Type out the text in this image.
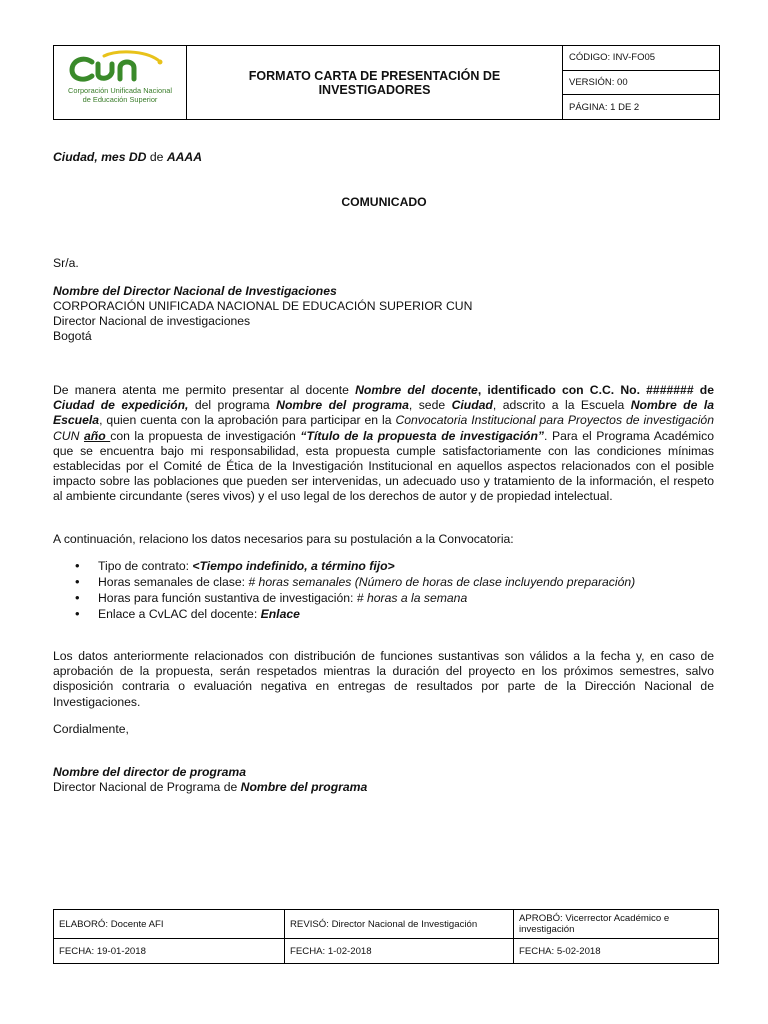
Corporación Unificada Nacional
de Educación Superior

FORMATO CARTA DE PRESENTACIÓN DE
INVESTIGADORES
	CÓDIGO: INV-FO05
VERSIÓN: 00
PÁGINA: 1 DE 2
Ciudad, mes DD de AAAA
COMUNICADO
Sr/a.
Nombre del Director Nacional de Investigaciones
CORPORACIÓN UNIFICADA NACIONAL DE EDUCACIÓN SUPERIOR CUN
Director Nacional de investigaciones
Bogotá
De manera atenta me permito presentar al docente Nombre del docente, identificado con C.C. No. ####### de Ciudad de expedición, del programa Nombre del programa, sede Ciudad, adscrito a la Escuela Nombre de la Escuela, quien cuenta con la aprobación para participar en la Convocatoria Institucional para Proyectos de investigación CUN año con la propuesta de investigación “Título de la propuesta de investigación”. Para el Programa Académico que se encuentra bajo mi responsabilidad, esta propuesta cumple satisfactoriamente con las condiciones mínimas establecidas por el Comité de Ética de la Investigación Institucional en aquellos aspectos relacionados con el posible impacto sobre las poblaciones que pueden ser intervenidas, un adecuado uso y tratamiento de la información, el respeto al ambiente circundante (seres vivos) y el uso legal de los derechos de autor y de propiedad intelectual.
A continuación, relaciono los datos necesarios para su postulación a la Convocatoria:
• Tipo de contrato: <Tiempo indefinido, a término fijo>
• Horas semanales de clase: # horas semanales (Número de horas de clase incluyendo preparación)
• Horas para función sustantiva de investigación: # horas a la semana
• Enlace a CvLAC del docente: Enlace
Los datos anteriormente relacionados con distribución de funciones sustantivas son válidos a la fecha y, en caso de aprobación de la propuesta, serán respetados mientras la duración del proyecto en los próximos semestres, salvo disposición contraria o evaluación negativa en entregas de resultados por parte de la Dirección Nacional de Investigaciones.
Cordialmente,
Nombre del director de programa
Director Nacional de Programa de Nombre del programa
ELABORÓ: Docente AFI	REVISÓ: Director Nacional de Investigación	APROBÓ: Vicerrector Académico e investigación
FECHA: 19-01-2018	FECHA: 1-02-2018	FECHA: 5-02-2018
